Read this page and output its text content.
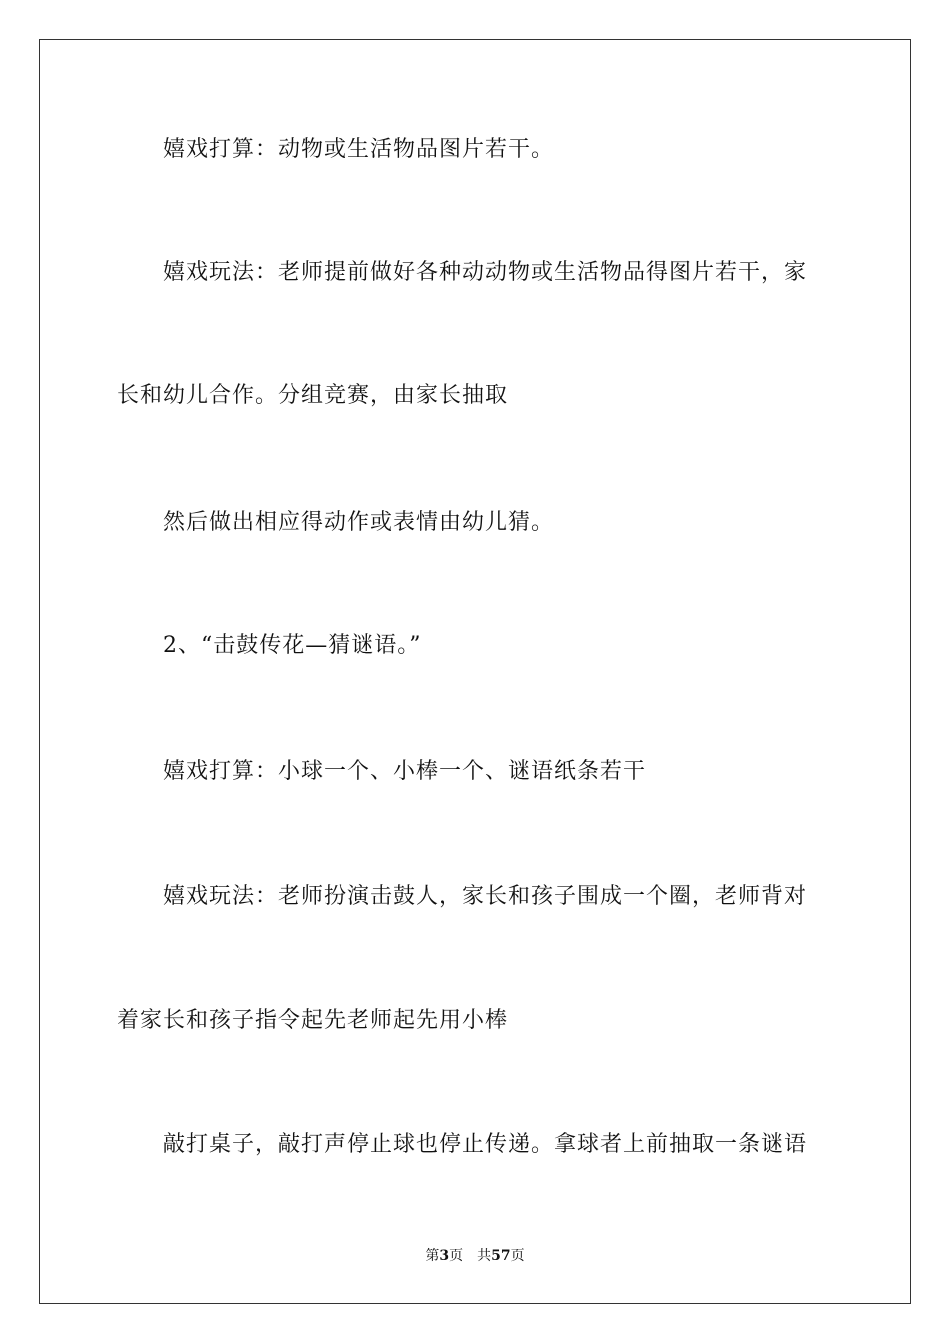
嬉戏打算：动物或生活物品图片若干。
嬉戏玩法：老师提前做好各种动动物或生活物品得图片若干，家
长和幼儿合作。分组竞赛，由家长抽取
然后做出相应得动作或表情由幼儿猜。
2、“击鼓传花—猜谜语。”
嬉戏打算：小球一个、小棒一个、谜语纸条若干
嬉戏玩法：老师扮演击鼓人，家长和孩子围成一个圈，老师背对
着家长和孩子指令起先老师起先用小棒
敲打桌子，敲打声停止球也停止传递。拿球者上前抽取一条谜语
第3页 共57页
